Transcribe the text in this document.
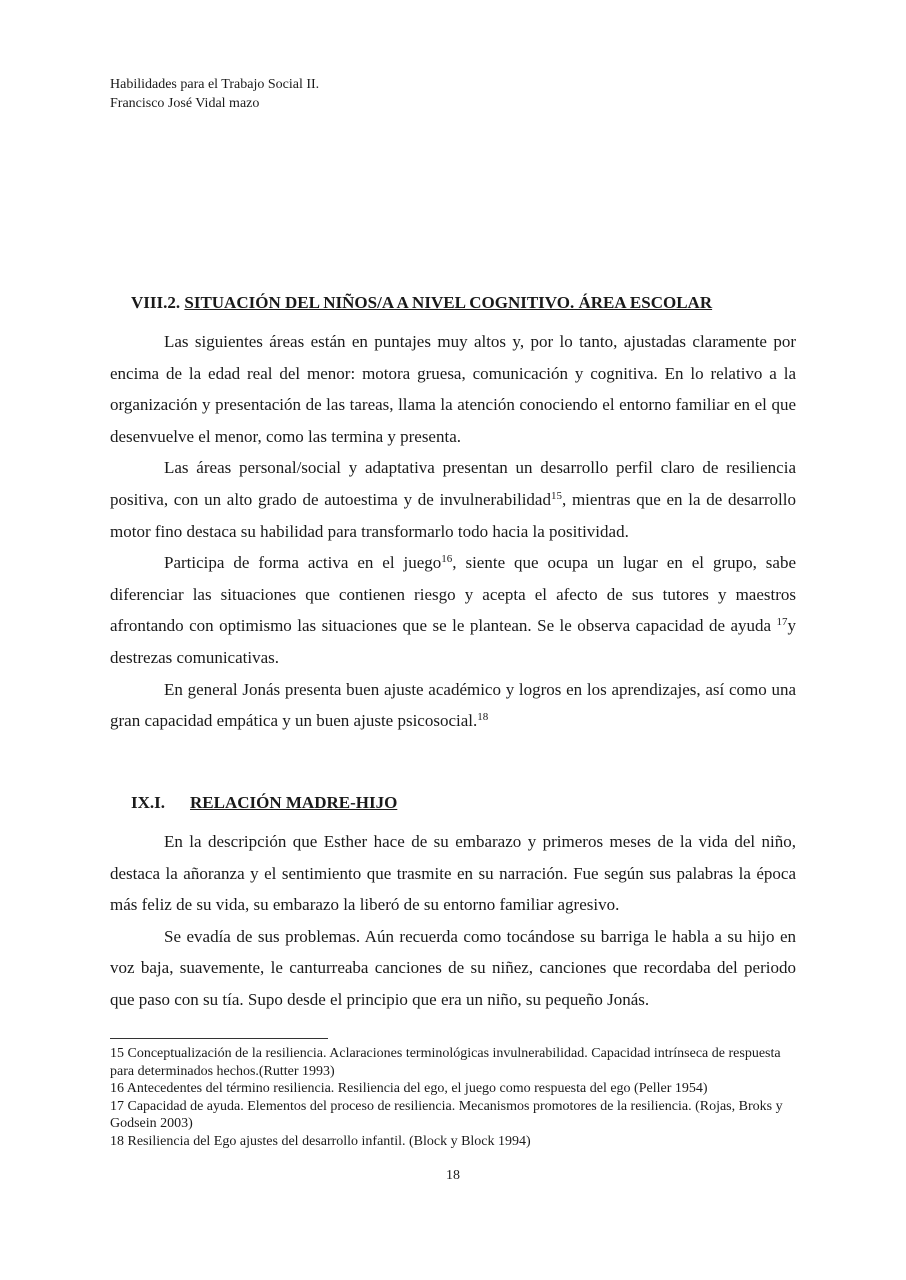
Habilidades para el Trabajo Social II.
Francisco José Vidal mazo
VIII.2. SITUACIÓN DEL NIÑOS/A A NIVEL COGNITIVO. ÁREA ESCOLAR

Las siguientes áreas están en puntajes muy altos y, por lo tanto, ajustadas claramente por encima de la edad real del menor: motora gruesa, comunicación y cognitiva. En lo relativo a la organización y presentación de las tareas, llama la atención conociendo el entorno familiar en el que desenvuelve el menor, como las termina y presenta.

Las áreas personal/social y adaptativa presentan un desarrollo perfil claro de resiliencia positiva, con un alto grado de autoestima y de invulnerabilidad$^{15}$, mientras que en la de desarrollo motor fino destaca su habilidad para transformarlo todo hacia la positividad.

Participa de forma activa en el juego$^{16}$, siente que ocupa un lugar en el grupo, sabe diferenciar las situaciones que contienen riesgo y acepta el afecto de sus tutores y maestros afrontando con optimismo las situaciones que se le plantean. Se le observa capacidad de ayuda $^{17}$y destrezas comunicativas.

En general Jonás presenta buen ajuste académico y logros en los aprendizajes, así como una gran capacidad empática y un buen ajuste psicosocial.$^{18}$

IX.I. RELACIÓN MADRE-HIJO

En la descripción que Esther hace de su embarazo y primeros meses de la vida del niño, destaca la añoranza y el sentimiento que trasmite en su narración. Fue según sus palabras la época más feliz de su vida, su embarazo la liberó de su entorno familiar agresivo.

Se evadía de sus problemas. Aún recuerda como tocándose su barriga le habla a su hijo en voz baja, suavemente, le canturreaba canciones de su niñez, canciones que recordaba del periodo que paso con su tía. Supo desde el principio que era un niño, su pequeño Jonás.

15 Conceptualización de la resiliencia. Aclaraciones terminológicas invulnerabilidad. Capacidad intrínseca de respuesta para determinados hechos.(Rutter 1993)
16 Antecedentes del término resiliencia. Resiliencia del ego, el juego como respuesta del ego (Peller 1954)
17 Capacidad de ayuda. Elementos del proceso de resiliencia. Mecanismos promotores de la resiliencia. (Rojas, Broks y Godsein 2003)
18 Resiliencia del Ego ajustes del desarrollo infantil. (Block y Block 1994)
18
